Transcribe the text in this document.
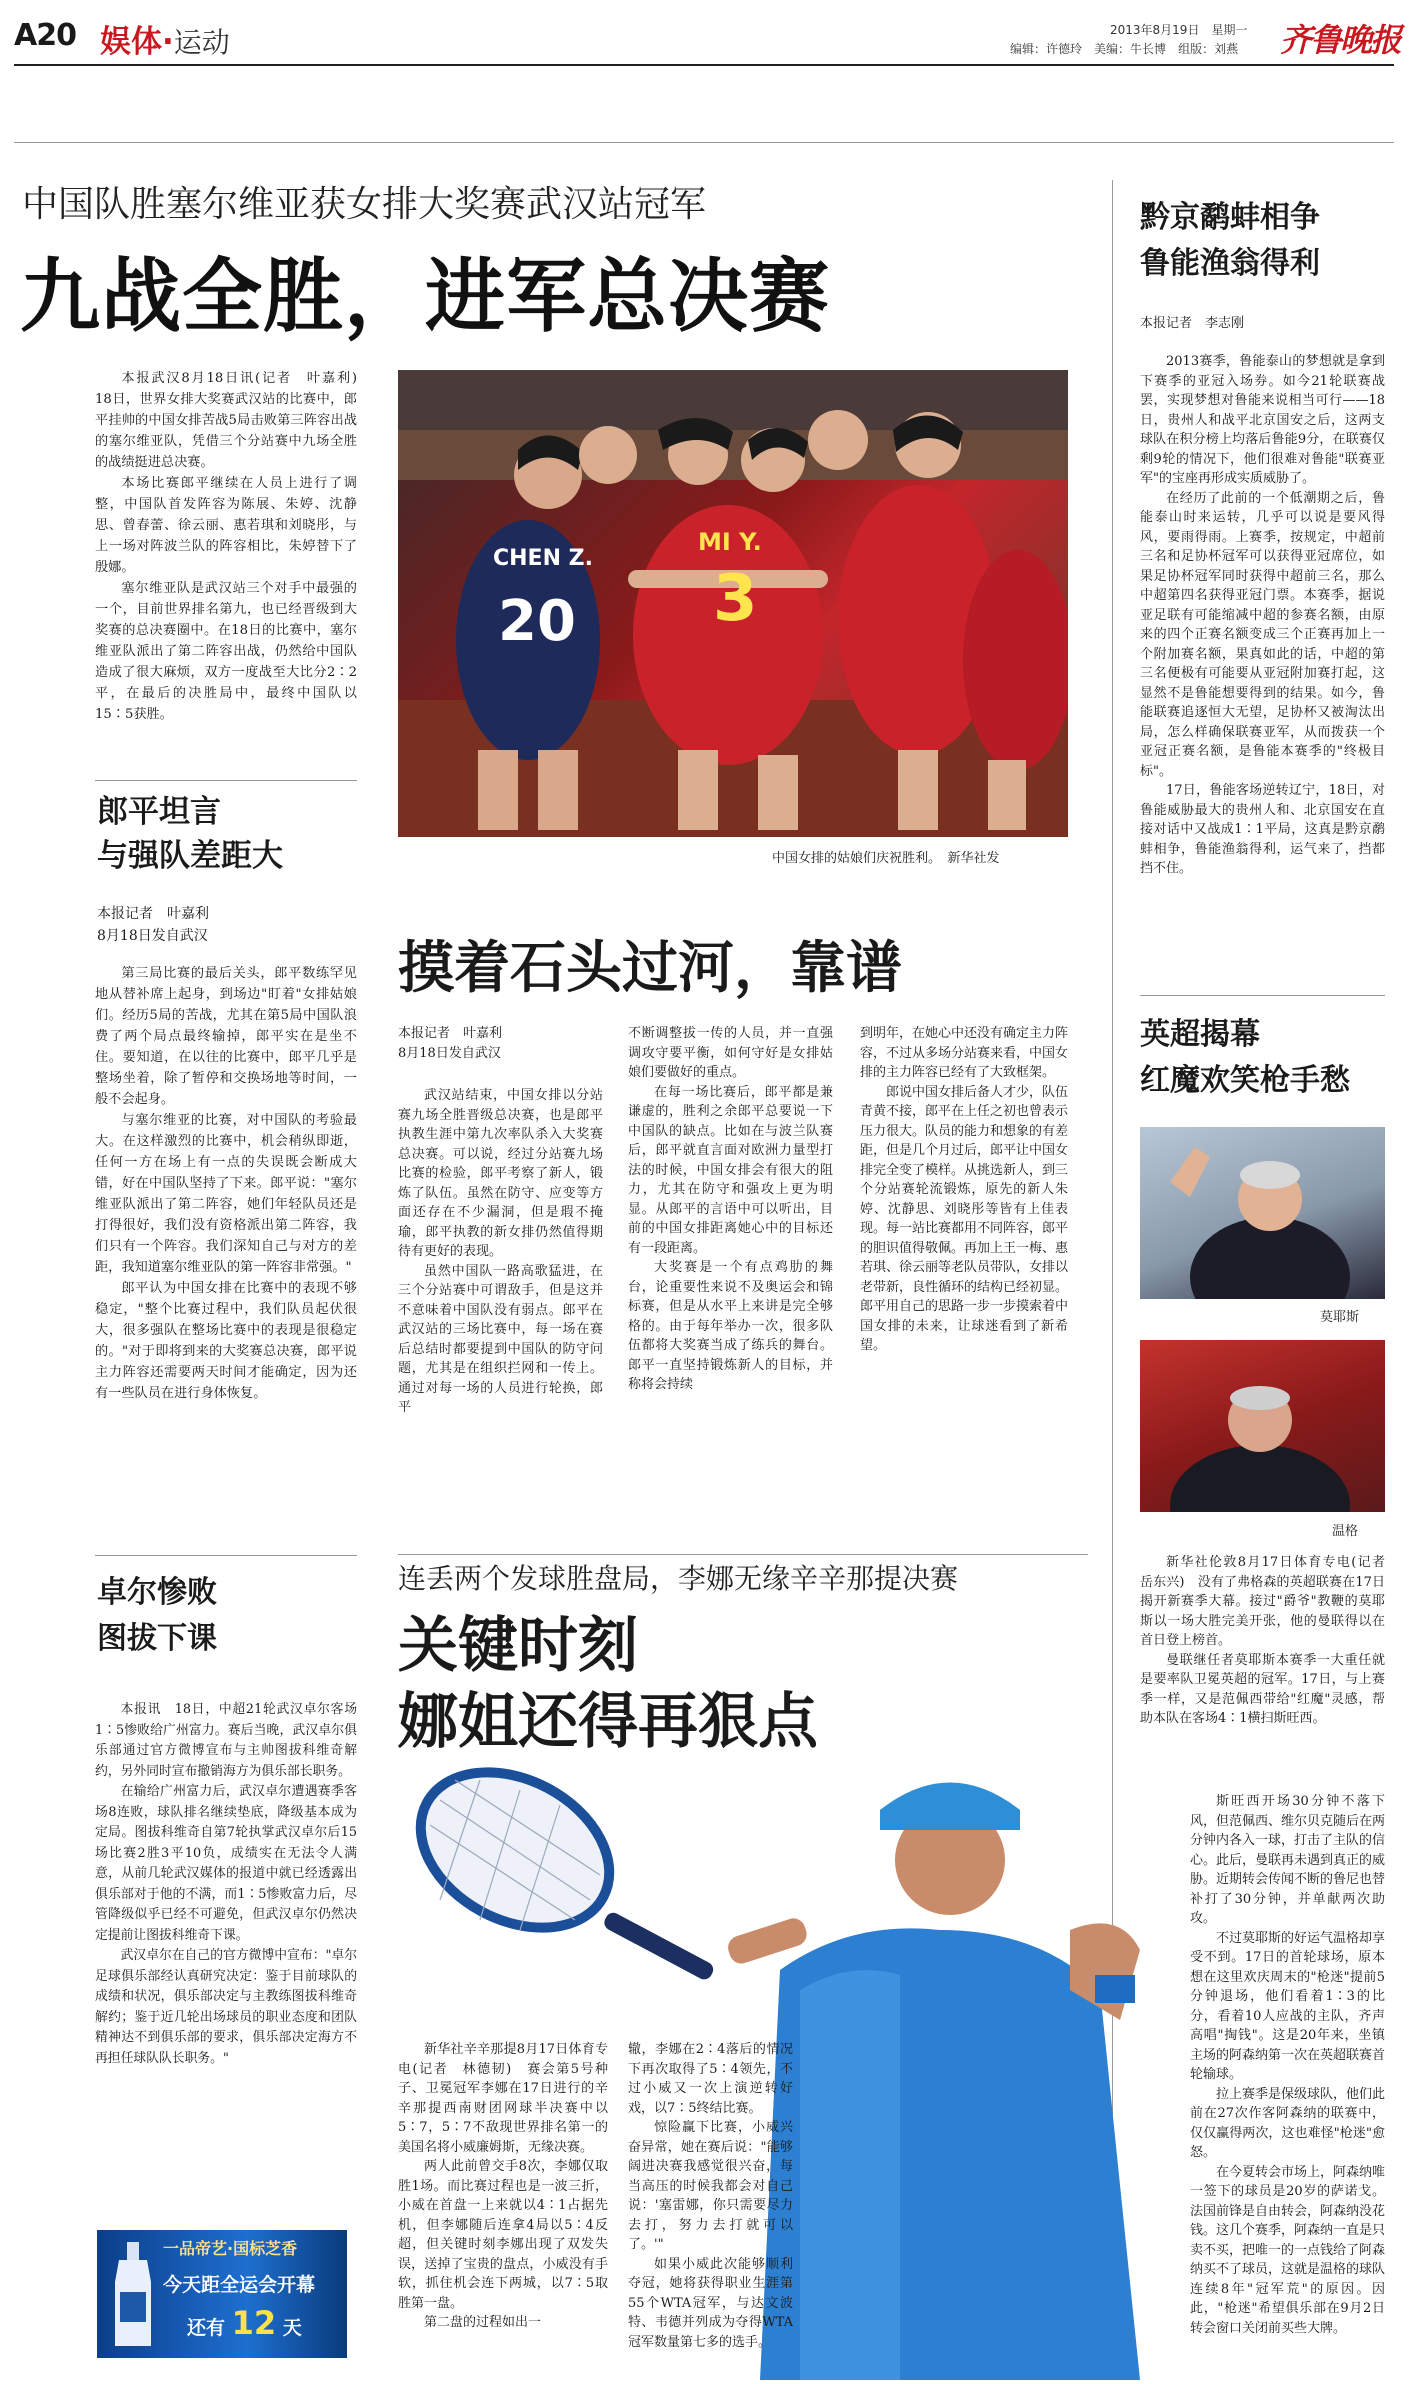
A20 娱体·运动	2013年8月19日　 星期一
编辑：许德玲　 美编：牛长博　 组版：刘燕 齐鲁晚报
中国队胜塞尔维亚获女排大奖赛武汉站冠军
九战全胜，进军总决赛

本报武汉8月18日讯(记者　叶嘉利)　18日，世界女排大奖赛武汉站的比赛中，郎平挂帅的中国女排苦战5局击败第三阵容出战的塞尔维亚队，凭借三个分站赛中九场全胜的战绩挺进总决赛。

本场比赛郎平继续在人员上进行了调整，中国队首发阵容为陈展、朱婷、沈静思、曾春蕾、徐云丽、惠若琪和刘晓彤，与上一场对阵波兰队的阵容相比，朱婷替下了殷娜。

塞尔维亚队是武汉站三个对手中最强的一个，目前世界排名第九，也已经晋级到大奖赛的总决赛圈中。在18日的比赛中，塞尔维亚队派出了第二阵容出战，仍然给中国队造成了很大麻烦，双方一度战至大比分2∶2平，在最后的决胜局中，最终中国队以15∶5获胜。

CHEN Z.
20
MI Y.
3
中国女排的姑娘们庆祝胜利。　新华社发
郎平坦言
与强队差距大
本报记者　叶嘉利
8月18日发自武汉

第三局比赛的最后关头，郎平数练罕见地从替补席上起身，到场边"盯着"女排姑娘们。经历5局的苦战，尤其在第5局中国队浪费了两个局点最终输掉，郎平实在是坐不住。要知道，在以往的比赛中，郎平几乎是整场坐着，除了暂停和交换场地等时间，一般不会起身。

与塞尔维亚的比赛，对中国队的考验最大。在这样激烈的比赛中，机会稍纵即逝，任何一方在场上有一点的失误既会断成大错，好在中国队坚持了下来。郎平说："塞尔维亚队派出了第二阵容，她们年轻队员还是打得很好，我们没有资格派出第二阵容，我们只有一个阵容。我们深知自己与对方的差距，我知道塞尔维亚队的第一阵容非常强。"

郎平认为中国女排在比赛中的表现不够稳定，"整个比赛过程中，我们队员起伏很大，很多强队在整场比赛中的表现是很稳定的。"对于即将到来的大奖赛总决赛，郎平说主力阵容还需要两天时间才能确定，因为还有一些队员在进行身体恢复。

摸着石头过河，靠谱
本报记者　叶嘉利
8月18日发自武汉

武汉站结束，中国女排以分站赛九场全胜晋级总决赛，也是郎平执教生涯中第九次率队杀入大奖赛总决赛。可以说，经过分站赛九场比赛的检验，郎平考察了新人，锻炼了队伍。虽然在防守、应变等方面还存在不少漏洞，但是瑕不掩瑜，郎平执教的新女排仍然值得期待有更好的表现。

虽然中国队一路高歌猛进，在三个分站赛中可谓敌手，但是这并不意味着中国队没有弱点。郎平在武汉站的三场比赛中，每一场在赛后总结时都要提到中国队的防守问题，尤其是在组织拦网和一传上。通过对每一场的人员进行轮换，郎平

不断调整拔一传的人员，并一直强调攻守要平衡，如何守好是女排姑娘们要做好的重点。

在每一场比赛后，郎平都是兼谦虚的，胜利之余郎平总要说一下中国队的缺点。比如在与波兰队赛后，郎平就直言面对欧洲力量型打法的时候，中国女排会有很大的阻力，尤其在防守和强攻上更为明显。从郎平的言语中可以听出，目前的中国女排距离她心中的目标还有一段距离。

大奖赛是一个有点鸡肋的舞台，论重要性来说不及奥运会和锦标赛，但是从水平上来讲是完全够格的。由于每年举办一次，很多队伍都将大奖赛当成了练兵的舞台。郎平一直坚持锻炼新人的目标，并称将会持续

到明年，在她心中还没有确定主力阵容，不过从多场分站赛来看，中国女排的主力阵容已经有了大致框架。

郎说中国女排后备人才少，队伍青黄不接，郎平在上任之初也曾表示压力很大。队员的能力和想象的有差距，但是几个月过后，郎平让中国女排完全变了模样。从挑选新人，到三个分站赛轮流锻炼，原先的新人朱婷、沈静思、刘晓彤等皆有上佳表现。每一站比赛都用不同阵容，郎平的胆识值得敬佩。再加上王一梅、惠若琪、徐云丽等老队员带队，女排以老带新，良性循环的结构已经初显。郎平用自己的思路一步一步摸索着中国女排的未来，让球迷看到了新希望。

黔京鹬蚌相争
鲁能渔翁得利
本报记者　李志刚

2013赛季，鲁能泰山的梦想就是拿到下赛季的亚冠入场券。如今21轮联赛战罢，实现梦想对鲁能来说相当可行——18日，贵州人和战平北京国安之后，这两支球队在积分榜上均落后鲁能9分，在联赛仅剩9轮的情况下，他们很难对鲁能"联赛亚军"的宝座再形成实质威胁了。

在经历了此前的一个低潮期之后，鲁能泰山时来运转，几乎可以说是要风得风，要雨得雨。上赛季，按规定，中超前三名和足协杯冠军可以获得亚冠席位，如果足协杯冠军同时获得中超前三名，那么中超第四名获得亚冠门票。本赛季，据说亚足联有可能缩减中超的参赛名额，由原来的四个正赛名额变成三个正赛再加上一个附加赛名额，果真如此的话，中超的第三名便极有可能要从亚冠附加赛打起，这显然不是鲁能想要得到的结果。如今，鲁能联赛追逐恒大无望，足协杯又被淘汰出局，怎么样确保联赛亚军，从而拨获一个亚冠正赛名额，是鲁能本赛季的"终极目标"。

17日，鲁能客场逆转辽宁，18日，对鲁能威胁最大的贵州人和、北京国安在直接对话中又战成1∶1平局，这真是黔京鹬蚌相争，鲁能渔翁得利，运气来了，挡都挡不住。

英超揭幕
红魔欢笑枪手愁
莫耶斯
温格

新华社伦敦8月17日体育专电(记者　岳东兴)　没有了弗格森的英超联赛在17日揭开新赛季大幕。接过"爵爷"教鞭的莫耶斯以一场大胜完美开张，他的曼联得以在首日登上榜首。

曼联继任者莫耶斯本赛季一大重任就是要率队卫冕英超的冠军。17日，与上赛季一样，又是范佩西带给"红魔"灵感，帮助本队在客场4∶1横扫斯旺西。

斯旺西开场30分钟不落下风，但范佩西、维尔贝克随后在两分钟内各入一球，打击了主队的信心。此后，曼联再未遇到真正的威胁。近期转会传闻不断的鲁尼也替补打了30分钟，并单献两次助攻。

不过莫耶斯的好运气温格却享受不到。17日的首轮球场，原本想在这里欢庆周末的"枪迷"提前5分钟退场，他们看着1∶3的比分，看着10人应战的主队，齐声高唱"掏钱"。这是20年来，坐镇主场的阿森纳第一次在英超联赛首轮输球。

拉上赛季是保级球队，他们此前在27次作客阿森纳的联赛中，仅仅赢得两次，这也难怪"枪迷"愈怒。

在今夏转会市场上，阿森纳唯一签下的球员是20岁的萨诺戈。法国前锋是自由转会，阿森纳没花钱。这几个赛季，阿森纳一直是只卖不买，把唯一的一点钱给了阿森纳买不了球员，这就是温格的球队连续8年"冠军荒"的原因。因此，"枪迷"希望俱乐部在9月2日转会窗口关闭前买些大牌。

卓尔惨败
图拔下课

本报讯　18日，中超21轮武汉卓尔客场1∶5惨败给广州富力。赛后当晚，武汉卓尔俱乐部通过官方微博宣布与主帅图拔科维奇解约，另外同时宣布撤销海方为俱乐部长职务。

在输给广州富力后，武汉卓尔遭遇赛季客场8连败，球队排名继续垫底，降级基本成为定局。图拔科维奇自第7轮执掌武汉卓尔后15场比赛2胜3平10负，成绩实在无法令人满意，从前几轮武汉媒体的报道中就已经透露出俱乐部对于他的不满，而1∶5惨败富力后，尽管降级似乎已经不可避免，但武汉卓尔仍然决定提前让图拔科维奇下课。

武汉卓尔在自己的官方微博中宣布："卓尔足球俱乐部经认真研究决定：鉴于目前球队的成绩和状况，俱乐部决定与主教练图拔科维奇解约；鉴于近几轮出场球员的职业态度和团队精神达不到俱乐部的要求，俱乐部决定海方不再担任球队队长职务。"

一品帝艺·国标芝香
今天距全运会开幕
还有 12 天
连丢两个发球胜盘局，李娜无缘辛辛那提决赛
关键时刻
娜姐还得再狠点

新华社辛辛那提8月17日体育专电(记者　林德韧)　赛会第5号种子、卫冕冠军李娜在17日进行的辛辛那提西南财团网球半决赛中以5∶7，5∶7不敌现世界排名第一的美国名将小威廉姆斯，无缘决赛。

两人此前曾交手8次，李娜仅取胜1场。而比赛过程也是一波三折，小威在首盘一上来就以4∶1占据先机，但李娜随后连拿4局以5∶4反超，但关键时刻李娜出现了双发失误，送掉了宝贵的盘点，小威没有手软，抓住机会连下两城，以7∶5取胜第一盘。

第二盘的过程如出一

辙，李娜在2∶4落后的情况下再次取得了5∶4领先，不过小威又一次上演逆转好戏，以7∶5终结比赛。

惊险赢下比赛，小威兴奋异常，她在赛后说："能够阔进决赛我感觉很兴奋，每当高压的时候我都会对自己说：'塞雷娜，你只需要尽力去打，努力去打就可以了。'"

如果小威此次能够顺利夺冠，她将获得职业生涯第55个WTA冠军，与达文波特、韦德并列成为夺得WTA冠军数量第七多的选手。
